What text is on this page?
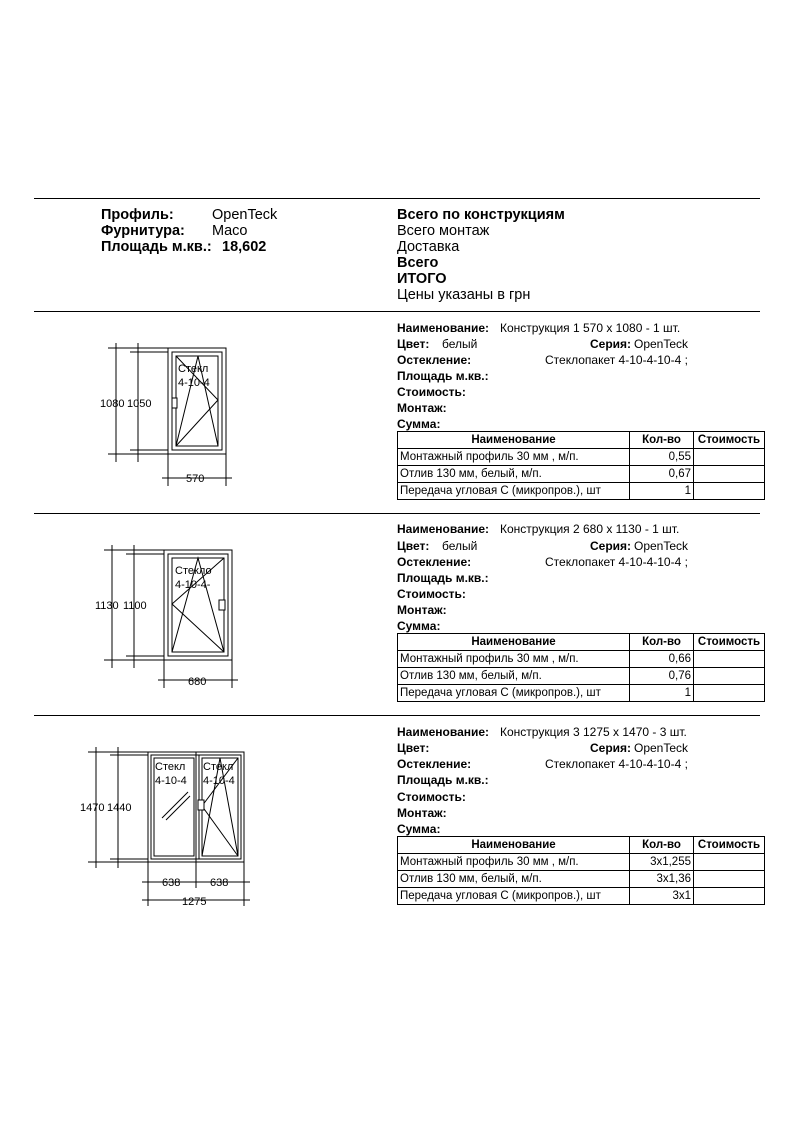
Профиль:	OpenTeck
Фурнитура: Maco
Площадь м.кв.: 18,602
Всего по конструкциям
Всего монтаж
Доставка
Всего
ИТОГО
Цены указаны в грн
Наименование: Конструкция 1 570 x 1080 - 1 шт.
Цвет: белый	Серия: OpenTeck
Остекление:	Стеклопакет 4-10-4-10-4 ;
Площадь м.кв.:
Стоимость:
Монтаж:
Сумма:
Наименование	Кол-во	Стоимость
Монтажный профиль 30 мм , м/п.	0,55	
Отлив 130 мм, белый, м/п.	0,67	
Передача угловая С (микропров.), шт	1	
Стекл
4-10-4
1080 1050
570
Наименование: Конструкция 2 680 x 1130 - 1 шт.
Цвет: белый	Серия: OpenTeck
Остекление:	Стеклопакет 4-10-4-10-4 ;
Площадь м.кв.:
Стоимость:
Монтаж:
Сумма:
Наименование	Кол-во	Стоимость
Монтажный профиль 30 мм , м/п.	0,66	
Отлив 130 мм, белый, м/п.	0,76	
Передача угловая С (микропров.), шт	1	
Стекло
4-10-4-
1130 1100
680
Наименование: Конструкция 3 1275 x 1470 - 3 шт.
Цвет:	Серия: OpenTeck
Остекление:	Стеклопакет 4-10-4-10-4 ;
Площадь м.кв.:
Стоимость:
Монтаж:
Сумма:
Наименование	Кол-во	Стоимость
Монтажный профиль 30 мм , м/п.	3x1,255	
Отлив 130 мм, белый, м/п.	3x1,36	
Передача угловая С (микропров.), шт	3x1	
Стекл
4-10-4
Стекл
4-10-4
1470 1440
638	638
1275
